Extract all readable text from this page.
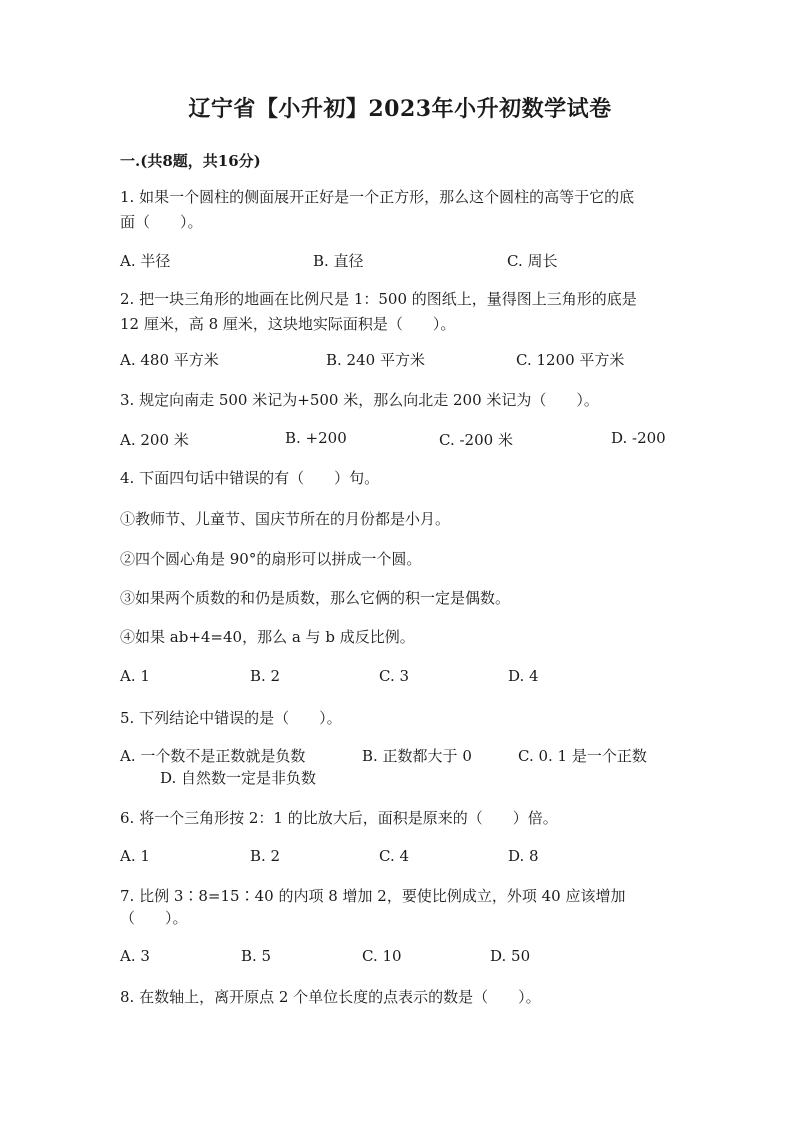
辽宁省【小升初】2023年小升初数学试卷
一.(共8题，共16分)
1. 如果一个圆柱的侧面展开正好是一个正方形，那么这个圆柱的高等于它的底
面（　　）。
A. 半径	B. 直径	C. 周长
2. 把一块三角形的地画在比例尺是 1：500 的图纸上，量得图上三角形的底是
12 厘米，高 8 厘米，这块地实际面积是（　　）。
A. 480 平方米	B. 240 平方米	C. 1200 平方米
3. 规定向南走 500 米记为+500 米，那么向北走 200 米记为（　　）。
A. 200 米	B. +200	C. -200 米	D. -200
4. 下面四句话中错误的有（　　）句。
①教师节、儿童节、国庆节所在的月份都是小月。
②四个圆心角是 90°的扇形可以拼成一个圆。
③如果两个质数的和仍是质数，那么它俩的积一定是偶数。
④如果 ab+4=40，那么 a 与 b 成反比例。
A. 1	B. 2	C. 3	D. 4
5. 下列结论中错误的是（　　）。
A. 一个数不是正数就是负数	B. 正数都大于 0	C. 0. 1 是一个正数
D. 自然数一定是非负数
6. 将一个三角形按 2：1 的比放大后，面积是原来的（　　）倍。
A. 1	B. 2	C. 4	D. 8
7. 比例 3∶8=15∶40 的内项 8 增加 2，要使比例成立，外项 40 应该增加
（　　）。
A. 3	B. 5	C. 10	D. 50
8. 在数轴上，离开原点 2 个单位长度的点表示的数是（　　）。
